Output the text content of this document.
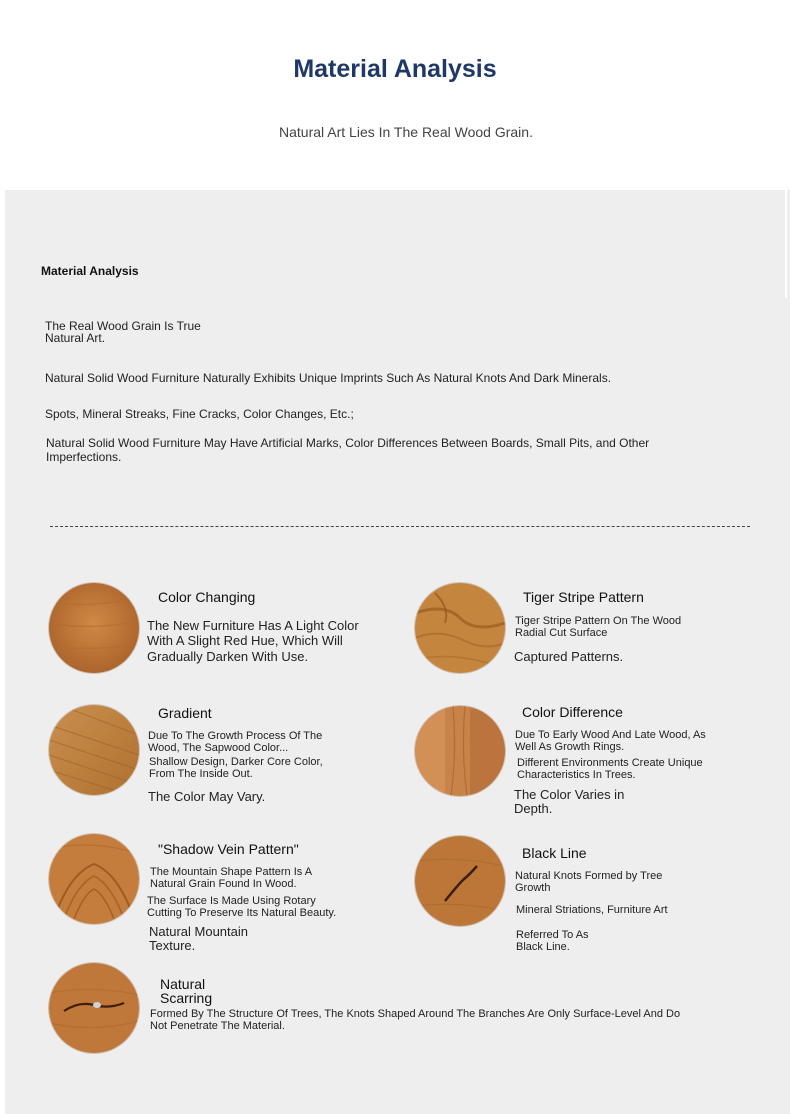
Material Analysis
Natural Art Lies In The Real Wood Grain.
Material Analysis
The Real Wood Grain Is True
Natural Art.
Natural Solid Wood Furniture Naturally Exhibits Unique Imprints Such As Natural Knots And Dark Minerals.
Spots, Mineral Streaks, Fine Cracks, Color Changes, Etc.;
Natural Solid Wood Furniture May Have Artificial Marks, Color Differences Between Boards, Small Pits, and Other Imperfections.
Color Changing
The New Furniture Has A Light Color
With A Slight Red Hue, Which Will
Gradually Darken With Use.
Tiger Stripe Pattern
Tiger Stripe Pattern On The Wood
Radial Cut Surface
Captured Patterns.
Gradient
Due To The Growth Process Of The
Wood, The Sapwood Color...
Shallow Design, Darker Core Color,
From The Inside Out.
The Color May Vary.
Color Difference
Due To Early Wood And Late Wood, As
Well As Growth Rings.
Different Environments Create Unique
Characteristics In Trees.
The Color Varies in
Depth.
"Shadow Vein Pattern"
The Mountain Shape Pattern Is A
Natural Grain Found In Wood.
The Surface Is Made Using Rotary
Cutting To Preserve Its Natural Beauty.
Natural Mountain
Texture.
Black Line
Natural Knots Formed by Tree
Growth
Mineral Striations, Furniture Art
Referred To As
Black Line.
Natural
Scarring
Formed By The Structure Of Trees, The Knots Shaped Around The Branches Are Only Surface-Level And Do
Not Penetrate The Material.
